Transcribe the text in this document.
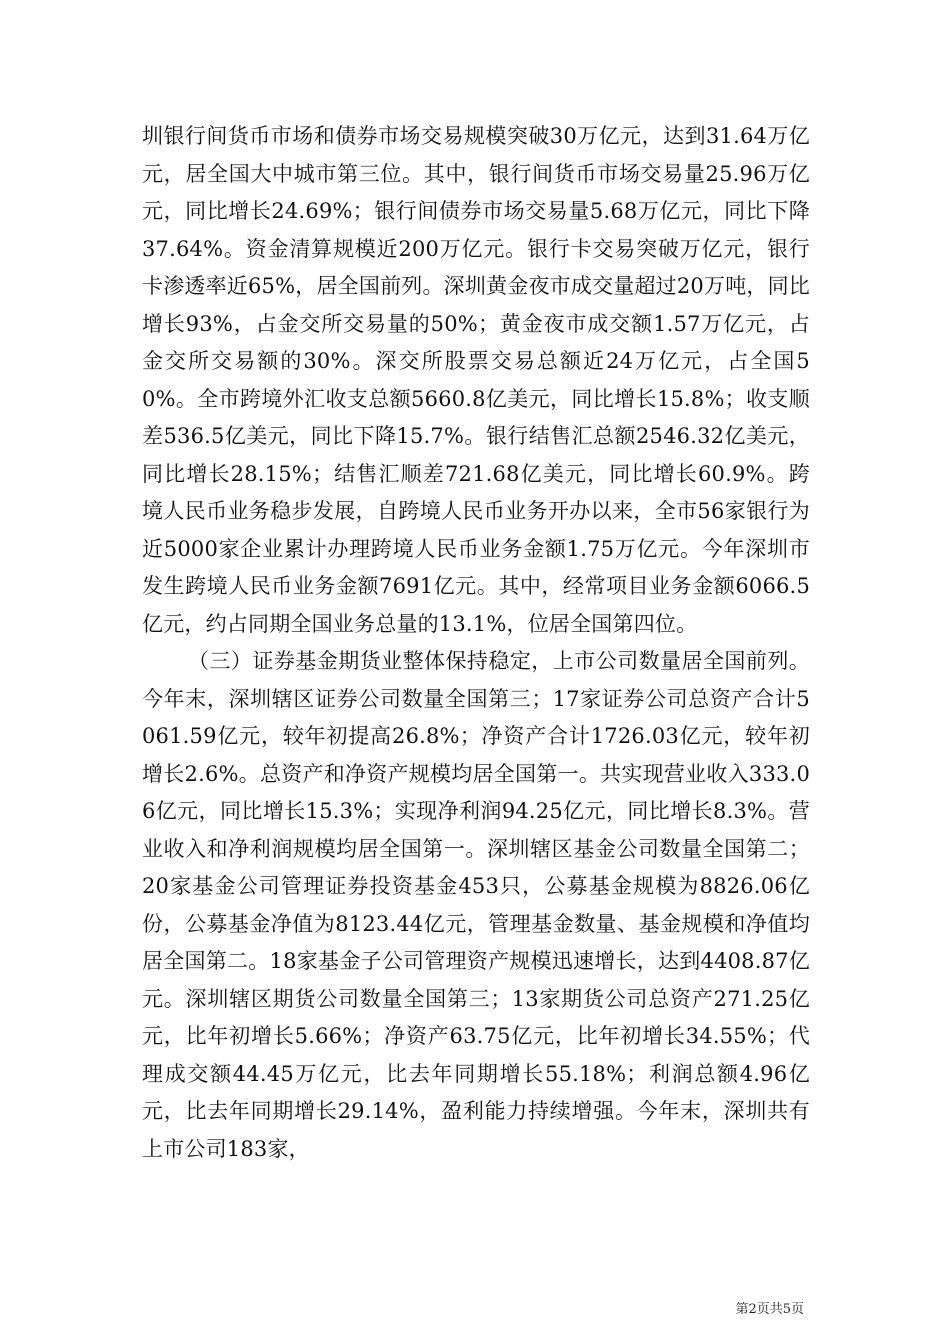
圳银行间货币市场和债券市场交易规模突破30万亿元，达到31.64万亿元，居全国大中城市第三位。其中，银行间货币市场交易量25.96万亿元，同比增长24.69%；银行间债券市场交易量5.68万亿元，同比下降37.64%。资金清算规模近200万亿元。银行卡交易突破万亿元，银行卡渗透率近65%，居全国前列。深圳黄金夜市成交量超过20万吨，同比增长93%，占金交所交易量的50%；黄金夜市成交额1.57万亿元，占金交所交易额的30%。深交所股票交易总额近24万亿元，占全国50%。全市跨境外汇收支总额5660.8亿美元，同比增长15.8%；收支顺差536.5亿美元，同比下降15.7%。银行结售汇总额2546.32亿美元，同比增长28.15%；结售汇顺差721.68亿美元，同比增长60.9%。跨境人民币业务稳步发展，自跨境人民币业务开办以来，全市56家银行为近5000家企业累计办理跨境人民币业务金额1.75万亿元。今年深圳市发生跨境人民币业务金额7691亿元。其中，经常项目业务金额6066.5亿元，约占同期全国业务总量的13.1%，位居全国第四位。

（三）证券基金期货业整体保持稳定，上市公司数量居全国前列。今年末，深圳辖区证券公司数量全国第三；17家证券公司总资产合计5061.59亿元，较年初提高26.8%；净资产合计1726.03亿元，较年初增长2.6%。总资产和净资产规模均居全国第一。共实现营业收入333.06亿元，同比增长15.3%；实现净利润94.25亿元，同比增长8.3%。营业收入和净利润规模均居全国第一。深圳辖区基金公司数量全国第二；20家基金公司管理证券投资基金453只，公募基金规模为8826.06亿份，公募基金净值为8123.44亿元，管理基金数量、基金规模和净值均居全国第二。18家基金子公司管理资产规模迅速增长，达到4408.87亿元。深圳辖区期货公司数量全国第三；13家期货公司总资产271.25亿元，比年初增长5.66%；净资产63.75亿元，比年初增长34.55%；代理成交额44.45万亿元，比去年同期增长55.18%；利润总额4.96亿元，比去年同期增长29.14%，盈利能力持续增强。今年末，深圳共有上市公司183家，

第2页共5页
